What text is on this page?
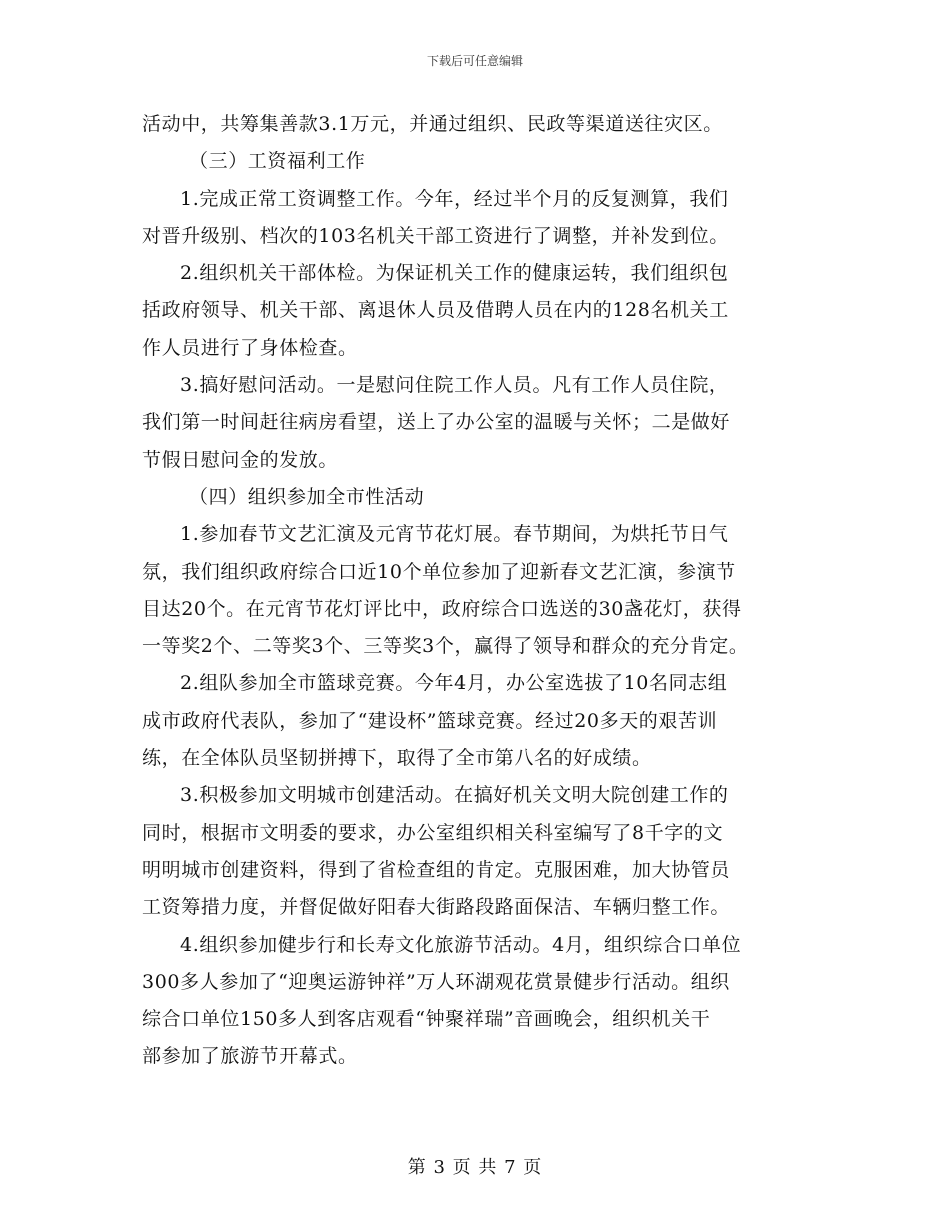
下载后可任意编辑
活动中，共筹集善款3.1万元，并通过组织、民政等渠道送往灾区。
（三）工资福利工作
1.完成正常工资调整工作。今年，经过半个月的反复测算，我们
对晋升级别、档次的103名机关干部工资进行了调整，并补发到位。
2.组织机关干部体检。为保证机关工作的健康运转，我们组织包
括政府领导、机关干部、离退休人员及借聘人员在内的128名机关工
作人员进行了身体检查。
3.搞好慰问活动。一是慰问住院工作人员。凡有工作人员住院，
我们第一时间赶往病房看望，送上了办公室的温暖与关怀；二是做好
节假日慰问金的发放。
（四）组织参加全市性活动
1.参加春节文艺汇演及元宵节花灯展。春节期间，为烘托节日气
氛，我们组织政府综合口近10个单位参加了迎新春文艺汇演，参演节
目达20个。在元宵节花灯评比中，政府综合口选送的30盏花灯，获得
一等奖2个、二等奖3个、三等奖3个，赢得了领导和群众的充分肯定。
2.组队参加全市篮球竞赛。今年4月，办公室选拔了10名同志组
成市政府代表队，参加了“建设杯”篮球竞赛。经过20多天的艰苦训
练，在全体队员坚韧拼搏下，取得了全市第八名的好成绩。
3.积极参加文明城市创建活动。在搞好机关文明大院创建工作的
同时，根据市文明委的要求，办公室组织相关科室编写了8千字的文
明明城市创建资料，得到了省检查组的肯定。克服困难，加大协管员
工资筹措力度，并督促做好阳春大街路段路面保洁、车辆归整工作。
4.组织参加健步行和长寿文化旅游节活动。4月，组织综合口单位
300多人参加了“迎奥运游钟祥”万人环湖观花赏景健步行活动。组织
综合口单位150多人到客店观看“钟聚祥瑞”音画晚会，组织机关干
部参加了旅游节开幕式。
第 3 页 共 7 页
